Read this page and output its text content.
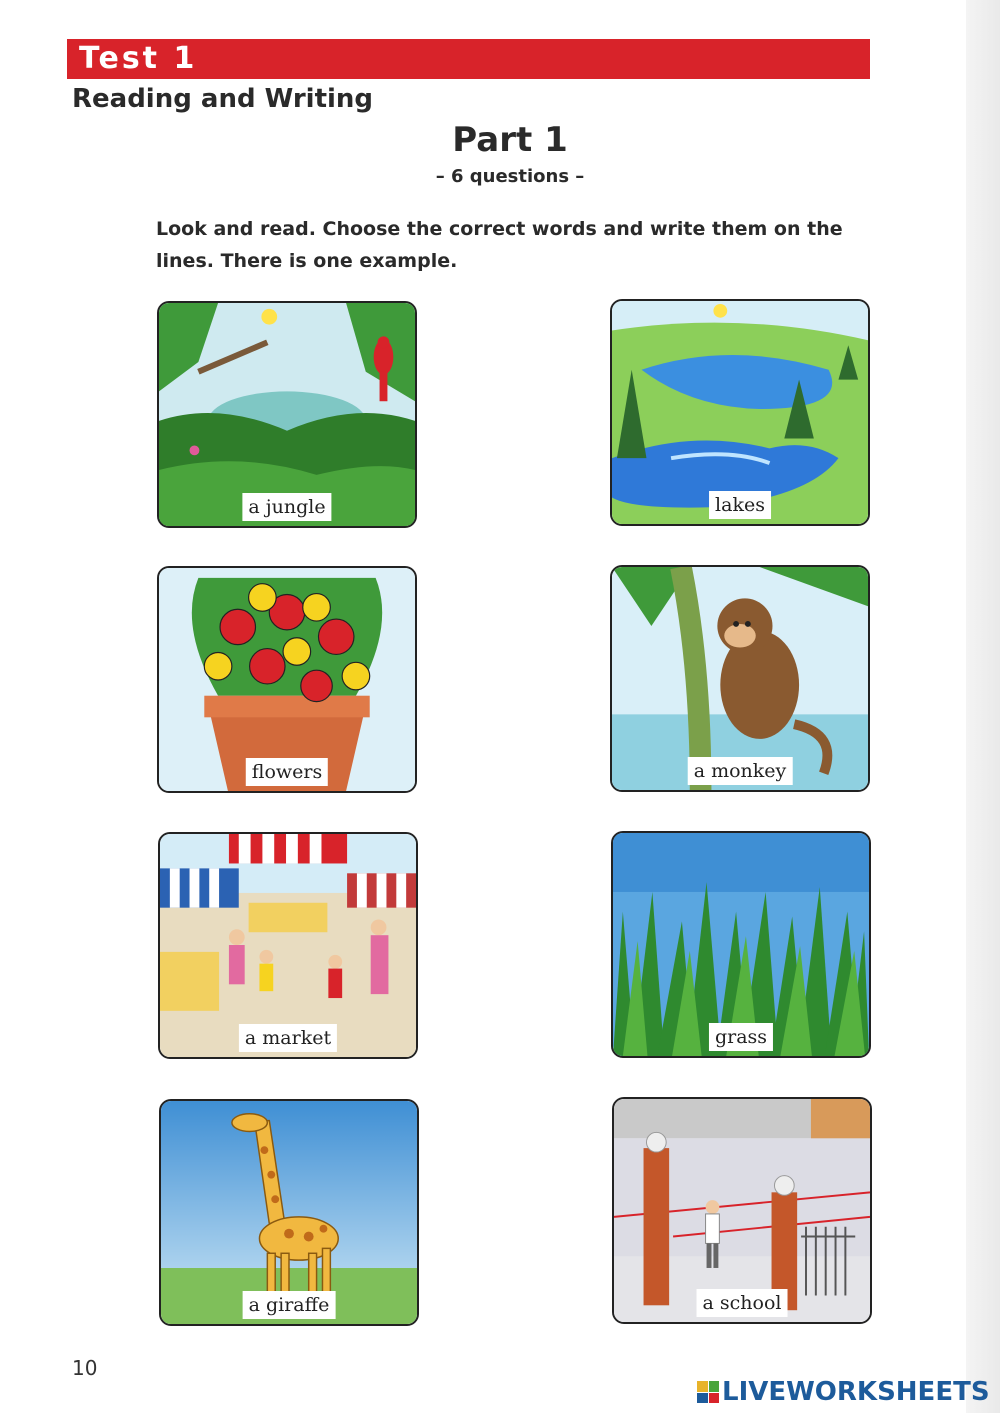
Test 1
Reading and Writing
Part 1
– 6 questions –
Look and read. Choose the correct words and write them on the lines. There is one example.
a jungle	lakes
flowers	a monkey
a market	grass
a giraffe	a school
10
LIVEWORKSHEETS
